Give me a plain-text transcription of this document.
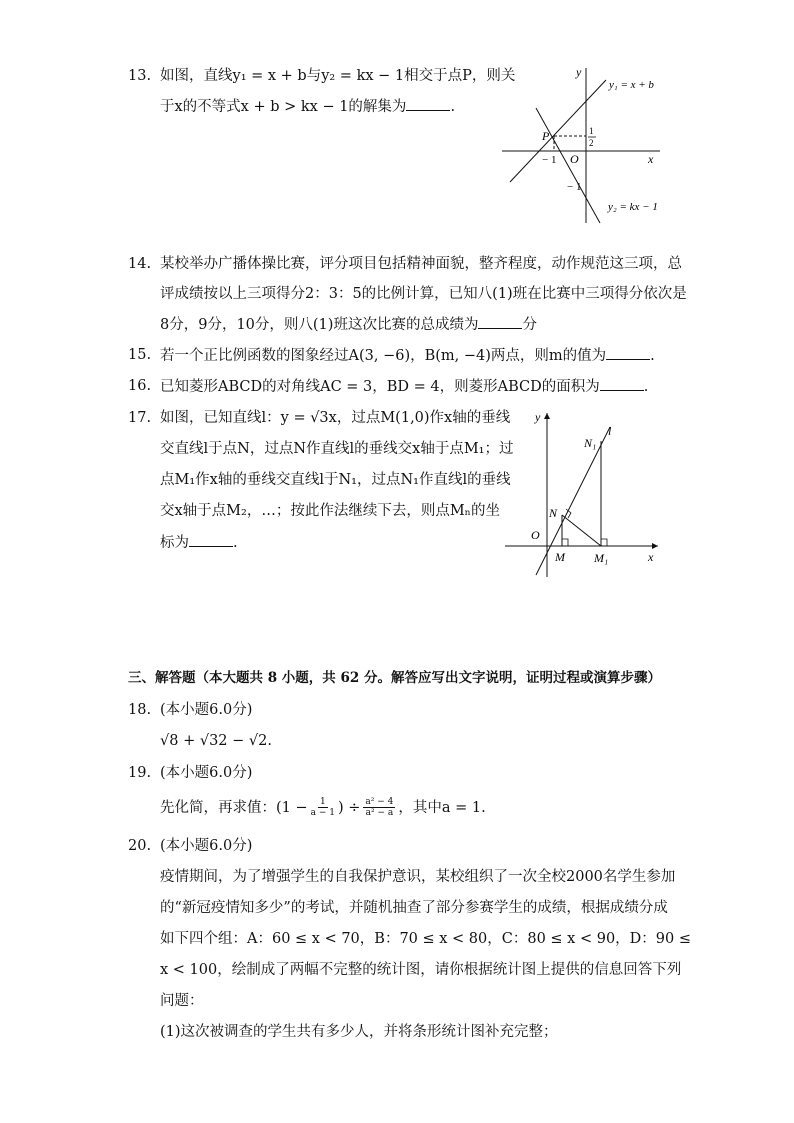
13. 如图，直线y₁ = x + b与y₂ = kx − 1相交于点P，则关
于x的不等式x + b > kx − 1的解集为	.
y
x
O
P
− 1
− 1
1
2
y₁ = x + b
y₂ = kx − 1
14. 某校举办广播体操比赛，评分项目包括精神面貌，整齐程度，动作规范这三项，总
评成绩按以上三项得分2：3：5的比例计算，已知八(1)班在比赛中三项得分依次是
8分，9分，10分，则八(1)班这次比赛的总成绩为	分
15. 若一个正比例函数的图象经过A(3, −6)，B(m, −4)两点，则m的值为	.
16. 已知菱形ABCD的对角线AC = 3，BD = 4，则菱形ABCD的面积为	.
17. 如图，已知直线l：y = √3x，过点M(1,0)作x轴的垂线
交直线l于点N，过点N作直线l的垂线交x轴于点M₁；过
点M₁作x轴的垂线交直线l于N₁，过点N₁作直线l的垂线
交x轴于点M₂，…；按此作法继续下去，则点Mₙ的坐
标为	.
y
x
O
l
N
N₁
M M₁
三、解答题（本大题共 8 小题，共 62 分。解答应写出文字说明，证明过程或演算步骤）
18. (本小题6.0分)
√8 + √32 − √2.
19. (本小题6.0分)
先化简，再求值：($1 - \frac{1}{a - 1}$ ) ÷ $\frac{\text{a² − 4}}{\text{a² − a}}$ ，其中a = 1.
20. (本小题6.0分)
疫情期间，为了增强学生的自我保护意识，某校组织了一次全校2000名学生参加
的“新冠疫情知多少”的考试，并随机抽查了部分参赛学生的成绩，根据成绩分成
如下四个组：A：60 ≤ x < 70，B：70 ≤ x < 80，C：80 ≤ x < 90，D：90 ≤
x < 100，绘制成了两幅不完整的统计图，请你根据统计图上提供的信息回答下列
问题：
(1)这次被调查的学生共有多少人，并将条形统计图补充完整；
